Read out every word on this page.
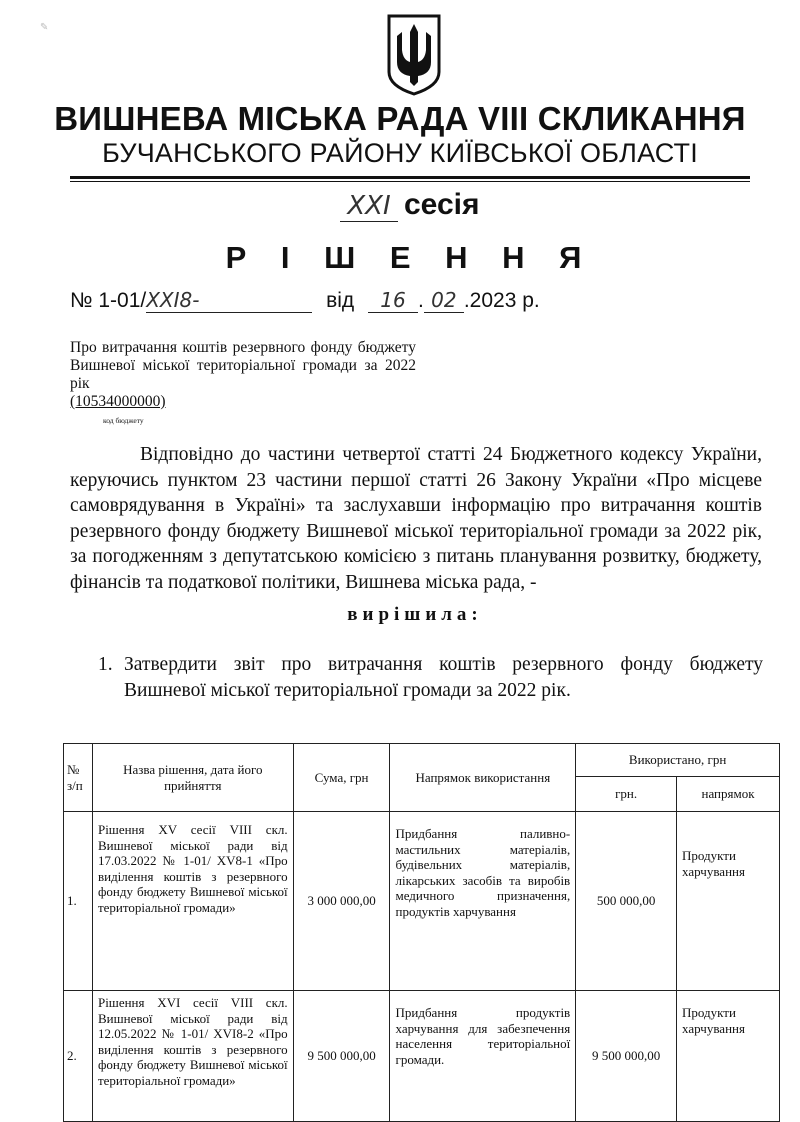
✎
ВИШНЕВА МІСЬКА РАДА VIII СКЛИКАННЯ
БУЧАНСЬКОГО РАЙОНУ КИЇВСЬКОЇ ОБЛАСТІ
ХХІ сесія
Р І Ш Е Н Н Я
№ 1-01/ХХІ8-	від 16 . 02 .2023 р.
Про витрачання коштів резервного фонду бюджету Вишневої міської територіальної громади за 2022 рік
(10534000000)
код бюджету
Відповідно до частини четвертої статті 24 Бюджетного кодексу України, керуючись пунктом 23 частини першої статті 26 Закону України «Про місцеве самоврядування в Україні» та заслухавши інформацію про витрачання коштів резервного фонду бюджету Вишневої міської територіальної громади за 2022 рік, за погодженням з депутатською комісією з питань планування розвитку, бюджету, фінансів та податкової політики, Вишнева міська рада, -
вирішила:
1. Затвердити звіт про витрачання коштів резервного фонду бюджету Вишневої міської територіальної громади за 2022 рік.
№ з/п	Назва рішення, дата його прийняття	Сума, грн	Напрямок використання	Використано, грн	
				грн.	напрямок
1.	Рішення XV сесії VIII скл. Вишневої міської ради від 17.03.2022 № 1-01/ XV8-1 «Про виділення коштів з резервного фонду бюджету Вишневої міської територіальної громади»	3 000 000,00	Придбання паливно-мастильних матеріалів, будівельних матеріалів, лікарських засобів та виробів медичного призначення, продуктів харчування	500 000,00	Продукти харчування
2.	Рішення XVI сесії VIII скл. Вишневої міської ради від 12.05.2022 № 1-01/ XVІ8-2 «Про виділення коштів з резервного фонду бюджету Вишневої міської територіальної громади»	9 500 000,00	Придбання продуктів харчування для забезпечення населення територіальної громади.	9 500 000,00	Продукти харчування
